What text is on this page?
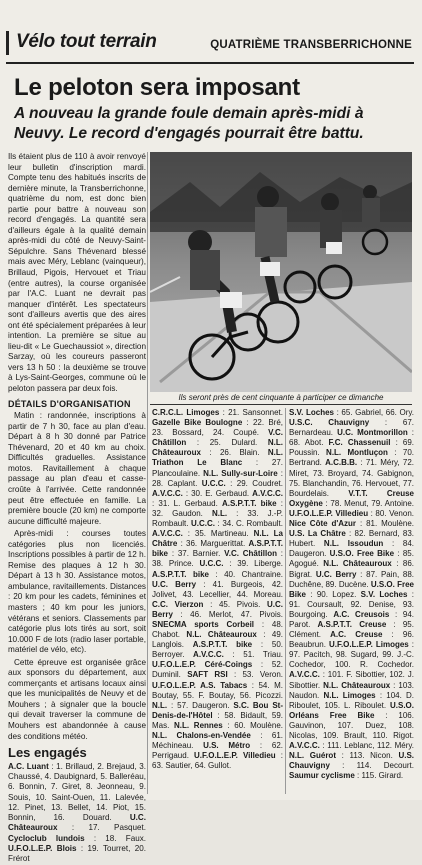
Vélo tout terrain	QUATRIÈME TRANSBERRICHONNE
Le peloton sera imposant
A nouveau la grande foule demain après-midi à Neuvy. Le record d'engagés pourrait être battu.

Ils étaient plus de 110 à avoir renvoyé leur bulletin d'inscription mardi. Compte tenu des habitués inscrits de dernière minute, la Transberrichonne, quatrième du nom, est donc bien partie pour battre à nouveau son record d'engagés. La quantité sera d'ailleurs égale à la qualité demain après-midi du côté de Neuvy-Saint-Sépulchre. Sans Thévenard blessé mais avec Méry, Leblanc (vainqueur), Brillaud, Pigois, Hervouet et Triau (entre autres), la course organisée par l'A.C. Luant ne devrait pas manquer d'intérêt. Les spectateurs sont d'ailleurs avertis que des aires ont été spécialement préparées à leur intention. La première se situe au lieu-dit « Le Guechaussiot », direction Sarzay, où les coureurs passeront vers 13 h 50 : la deuxième se trouve à Lys-Saint-Georges, commune où le peloton passera par deux fois.

DÉTAILS D'ORGANISATION

Matin : randonnée, inscriptions à partir de 7 h 30, face au plan d'eau. Départ à 8 h 30 donné par Patrice Thévenard, 20 et 40 km au choix. Difficultés graduelles. Assistance motos. Ravitaillement à chaque passage au plan d'eau et casse-croûte à l'arrivée. Cette randonnée peut être effectuée en famille. La première boucle (20 km) ne comporte aucune difficulté majeure.

Après-midi : courses toutes catégories plus non licenciés. Inscriptions possibles à partir de 12 h. Remise des plaques à 12 h 30. Départ à 13 h 30. Assistance motos, ambulance, ravitaillements. Distances : 20 km pour les cadets, féminines et masters ; 40 km pour les juniors, vétérans et seniors. Classements par catégorie plus lots tirés au sort, soit 10.000 F de lots (radio laser portable, matériel de vélo, etc).

Cette épreuve est organisée grâce aux sponsors du département, aux commerçants et artisans locaux ainsi que les municipalités de Neuvy et de Mouhers ; à signaler que la boucle qui devait traverser la commune de Mouhers est abandonnée à cause des conditions météo.

Les engagés
A.C. Luant : 1. Brillaud, 2. Brejaud, 3. Chaussé, 4. Daubignard, 5. Balleréau, 6. Bonnin, 7. Giret, 8. Jeonneau, 9. Souis, 10. Saint-Ouen, 11. Lalevée, 12. Pinet, 13. Bellet, 14. Piot, 15. Bonnin, 16. Douard. U.C. Châteauroux : 17. Pasquet. Cycloclub lundois : 18. Faux. U.F.O.L.E.P. Blois : 19. Tourret, 20. Frérot
Ils seront près de cent cinquante à participer ce dimanche
C.R.C.L. Limoges : 21. Sansonnet. Gazelle Bike Boulogne : 22. Bré, 23. Bossard, 24. Coupé. V.C. Châtillon : 25. Dulard. N.L. Châteauroux : 26. Blain. N.L. Triathon Le Blanc : 27. Plancoulaine. N.L. Sully-sur-Loire : 28. Caplant. U.C.C. : 29. Coudret. A.V.C.C. : 30. E. Gerbaud. A.V.C.C. : 31. L. Gerbaud. A.S.P.T.T. bike : 32. Gaudon. N.L. : 33. J.-P. Rombault. U.C.C. : 34. C. Rombault. A.V.C.C. : 35. Martineau. N.L. La Châtre : 36. Marguerittat. A.S.P.T.T. bike : 37. Barnier. V.C. Châtillon : 38. Prince. U.C.C. : 39. Liberge. A.S.P.T.T. bike : 40. Chantraine. U.C. Berry : 41. Burgeois, 42. Jolivet, 43. Lecellier, 44. Moreau. C.C. Vierzon : 45. Pivois. U.C. Berry : 46. Merlot, 47. Pivois. SNECMA sports Corbeil : 48. Chabot. N.L. Châteauroux : 49. Langlois. A.S.P.T.T. bike : 50. Berroyer. A.V.C.C. : 51. Triau. U.F.O.L.E.P. Céré-Coings : 52. Duminil. SAFT RSI : 53. Veron. U.F.O.L.E.P. A.S. Tabacs : 54. M. Boutay, 55. F. Boutay, 56. Picozzi. N.L. : 57. Daugeron. S.C. Bou St-Denis-de-l'Hôtel : 58. Bidault, 59. Mas. N.L. Rennes : 60. Moulène. N.L. Chalons-en-Vendée : 61. Méchineau. U.S. Métro : 62. Perrigaud. U.F.O.L.E.P. Villedieu : 63. Sautier, 64. Gullot.
S.V. Loches : 65. Gabriel, 66. Ory. U.S.C. Chauvigny : 67. Bernardeau. U.C. Montmorillon : 68. Abot. F.C. Chassenuil : 69. Poussin. N.L. Montluçon : 70. Bertrand. A.C.B.B. : 71. Méry, 72. Miret, 73. Broyard, 74. Gabignon, 75. Blanchandin, 76. Hervouet, 77. Bourdelais. V.T.T. Creuse Oxygène : 78. Menut, 79. Antoine. U.F.O.L.E.P. Villedieu : 80. Venon. Nice Côte d'Azur : 81. Moulène. U.S. La Châtre : 82. Bernard, 83. Hubert. N.L. Issoudun : 84. Daugeron. U.S.O. Free Bike : 85. Agogué. N.L. Châteauroux : 86. Bigrat. U.C. Berry : 87. Pain, 88. Duchêne, 89. Ducène. U.S.O. Free Bike : 90. Lopez. S.V. Loches : 91. Coursault, 92. Denise, 93. Bourgoing. A.C. Creusois : 94. Parot. A.S.P.T.T. Creuse : 95. Clément. A.C. Creuse : 96. Beaubrun. U.F.O.L.E.P. Limoges : 97. Pacitch, 98. Sugard, 99. J.-C. Cochedor, 100. R. Cochedor. A.V.C.C. : 101. F. Sibottier, 102. J. Sibottier. N.L. Châteauroux : 103. Naudon. N.L. Limoges : 104. D. Riboulet, 105. L. Riboulet. U.S.O. Orléans Free Bike : 106. Gauvinon, 107. Duez, 108. Nicolas, 109. Brault, 110. Rigot. A.V.C.C. : 111. Leblanc, 112. Méry. N.L. Guérot : 113. Nicon. U.S. Chauvigny : 114. Decourt. Saumur cyclisme : 115. Girard.
